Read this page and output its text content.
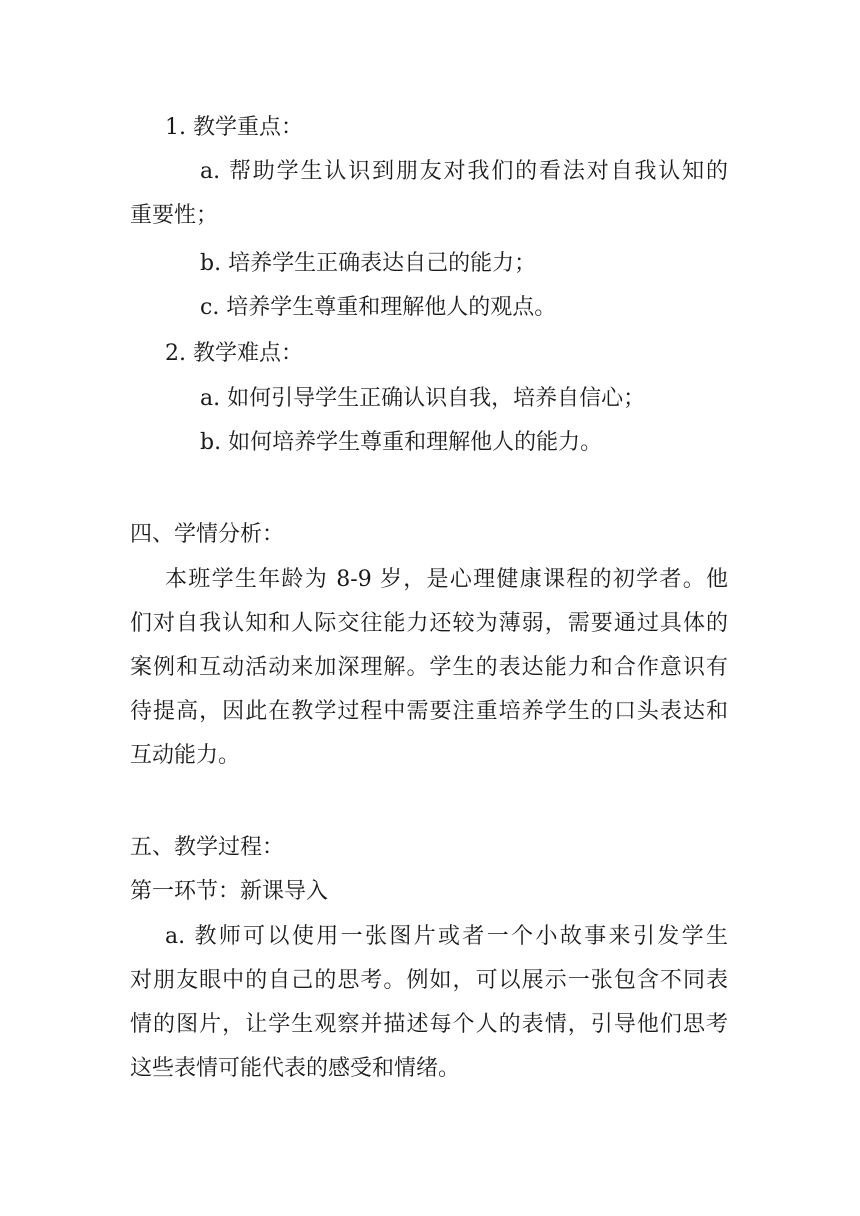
1. 教学重点：
a. 帮助学生认识到朋友对我们的看法对自我认知的
重要性；
b. 培养学生正确表达自己的能力；
c. 培养学生尊重和理解他人的观点。
2. 教学难点：
a. 如何引导学生正确认识自我，培养自信心；
b. 如何培养学生尊重和理解他人的能力。
四、学情分析：
本班学生年龄为 8-9 岁，是心理健康课程的初学者。他
们对自我认知和人际交往能力还较为薄弱，需要通过具体的
案例和互动活动来加深理解。学生的表达能力和合作意识有
待提高，因此在教学过程中需要注重培养学生的口头表达和
互动能力。
五、教学过程：
第一环节：新课导入
a. 教师可以使用一张图片或者一个小故事来引发学生
对朋友眼中的自己的思考。例如，可以展示一张包含不同表
情的图片，让学生观察并描述每个人的表情，引导他们思考
这些表情可能代表的感受和情绪。
